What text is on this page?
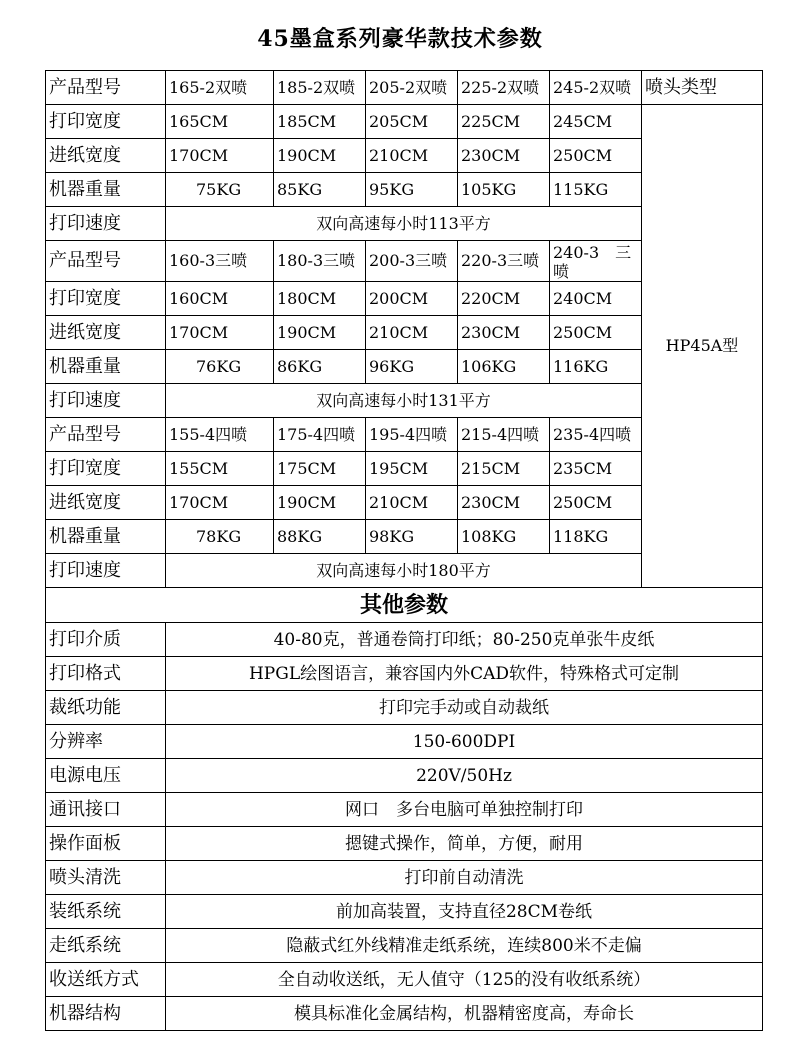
45墨盒系列豪华款技术参数
产品型号	165-2双喷	185-2双喷	205-2双喷	225-2双喷	245-2双喷	喷头类型
打印宽度	165CM	185CM	205CM	225CM	245CM	HP45A型
进纸宽度	170CM	190CM	210CM	230CM	250CM	
机器重量	75KG	85KG	95KG	105KG	115KG	
打印速度	双向高速每小时113平方					
产品型号	160-3三喷	180-3三喷	200-3三喷	220-3三喷	240-3　三喷	
打印宽度	160CM	180CM	200CM	220CM	240CM	
进纸宽度	170CM	190CM	210CM	230CM	250CM	
机器重量	76KG	86KG	96KG	106KG	116KG	
打印速度	双向高速每小时131平方					
产品型号	155-4四喷	175-4四喷	195-4四喷	215-4四喷	235-4四喷	
打印宽度	155CM	175CM	195CM	215CM	235CM	
进纸宽度	170CM	190CM	210CM	230CM	250CM	
机器重量	78KG	88KG	98KG	108KG	118KG	
打印速度	双向高速每小时180平方					
其他参数						
打印介质	40-80克，普通卷筒打印纸；80-250克单张牛皮纸					
打印格式	HPGL绘图语言，兼容国内外CAD软件，特殊格式可定制					
裁纸功能	打印完手动或自动裁纸					
分辨率	150-600DPI					
电源电压	220V/50Hz					
通讯接口	网口　多台电脑可单独控制打印					
操作面板	摁键式操作，简单，方便，耐用					
喷头清洗	打印前自动清洗					
装纸系统	前加高装置，支持直径28CM卷纸					
走纸系统	隐蔽式红外线精准走纸系统，连续800米不走偏					
收送纸方式	全自动收送纸，无人值守（125的没有收纸系统）					
机器结构	模具标准化金属结构，机器精密度高，寿命长					
